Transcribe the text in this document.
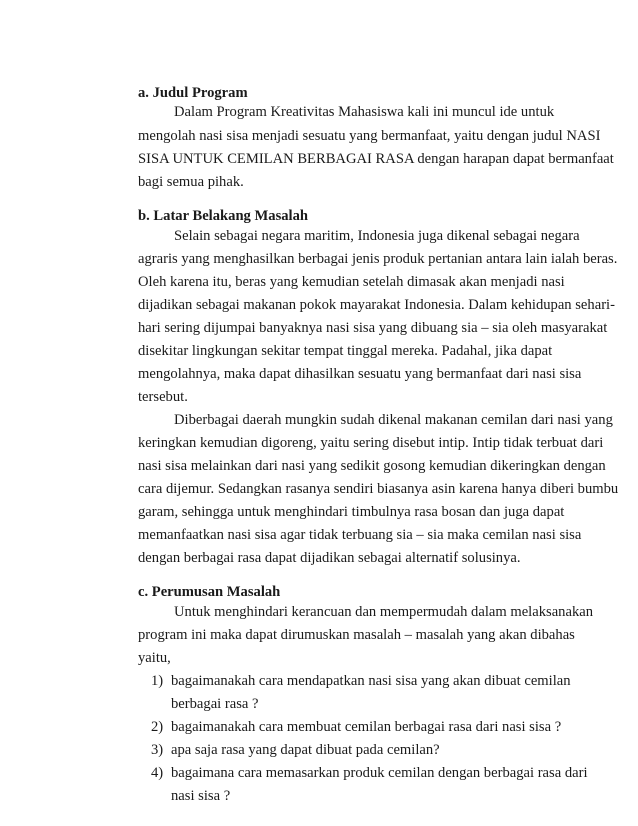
a. Judul Program
Dalam Program Kreativitas Mahasiswa kali ini muncul ide untuk
mengolah nasi sisa menjadi sesuatu yang bermanfaat, yaitu dengan judul NASI
SISA UNTUK CEMILAN BERBAGAI RASA dengan harapan dapat bermanfaat
bagi semua pihak.
b. Latar Belakang Masalah
Selain sebagai negara maritim, Indonesia juga dikenal sebagai negara
agraris yang menghasilkan berbagai jenis produk pertanian antara lain ialah beras.
Oleh karena itu, beras yang kemudian setelah dimasak akan menjadi nasi
dijadikan sebagai makanan pokok mayarakat Indonesia. Dalam kehidupan sehari-
hari sering dijumpai banyaknya nasi sisa yang dibuang sia – sia oleh masyarakat
disekitar lingkungan sekitar tempat tinggal mereka. Padahal, jika dapat
mengolahnya, maka dapat dihasilkan sesuatu yang bermanfaat dari nasi sisa
tersebut.
Diberbagai daerah mungkin sudah dikenal makanan cemilan dari nasi yang
keringkan kemudian digoreng, yaitu sering disebut intip. Intip tidak terbuat dari
nasi sisa melainkan dari nasi yang sedikit gosong kemudian dikeringkan dengan
cara dijemur. Sedangkan rasanya sendiri biasanya asin karena hanya diberi bumbu
garam, sehingga untuk menghindari timbulnya rasa bosan dan juga dapat
memanfaatkan nasi sisa agar tidak terbuang sia – sia maka cemilan nasi sisa
dengan berbagai rasa dapat dijadikan sebagai alternatif solusinya.
c. Perumusan Masalah
Untuk menghindari kerancuan dan mempermudah dalam melaksanakan
program ini maka dapat dirumuskan masalah – masalah yang akan dibahas
yaitu,
1) bagaimanakah cara mendapatkan nasi sisa yang akan dibuat cemilan
berbagai rasa ?
2) bagaimanakah cara membuat cemilan berbagai rasa dari nasi sisa ?
3) apa saja rasa yang dapat dibuat pada cemilan?
4) bagaimana cara memasarkan produk cemilan dengan berbagai rasa dari
nasi sisa ?
